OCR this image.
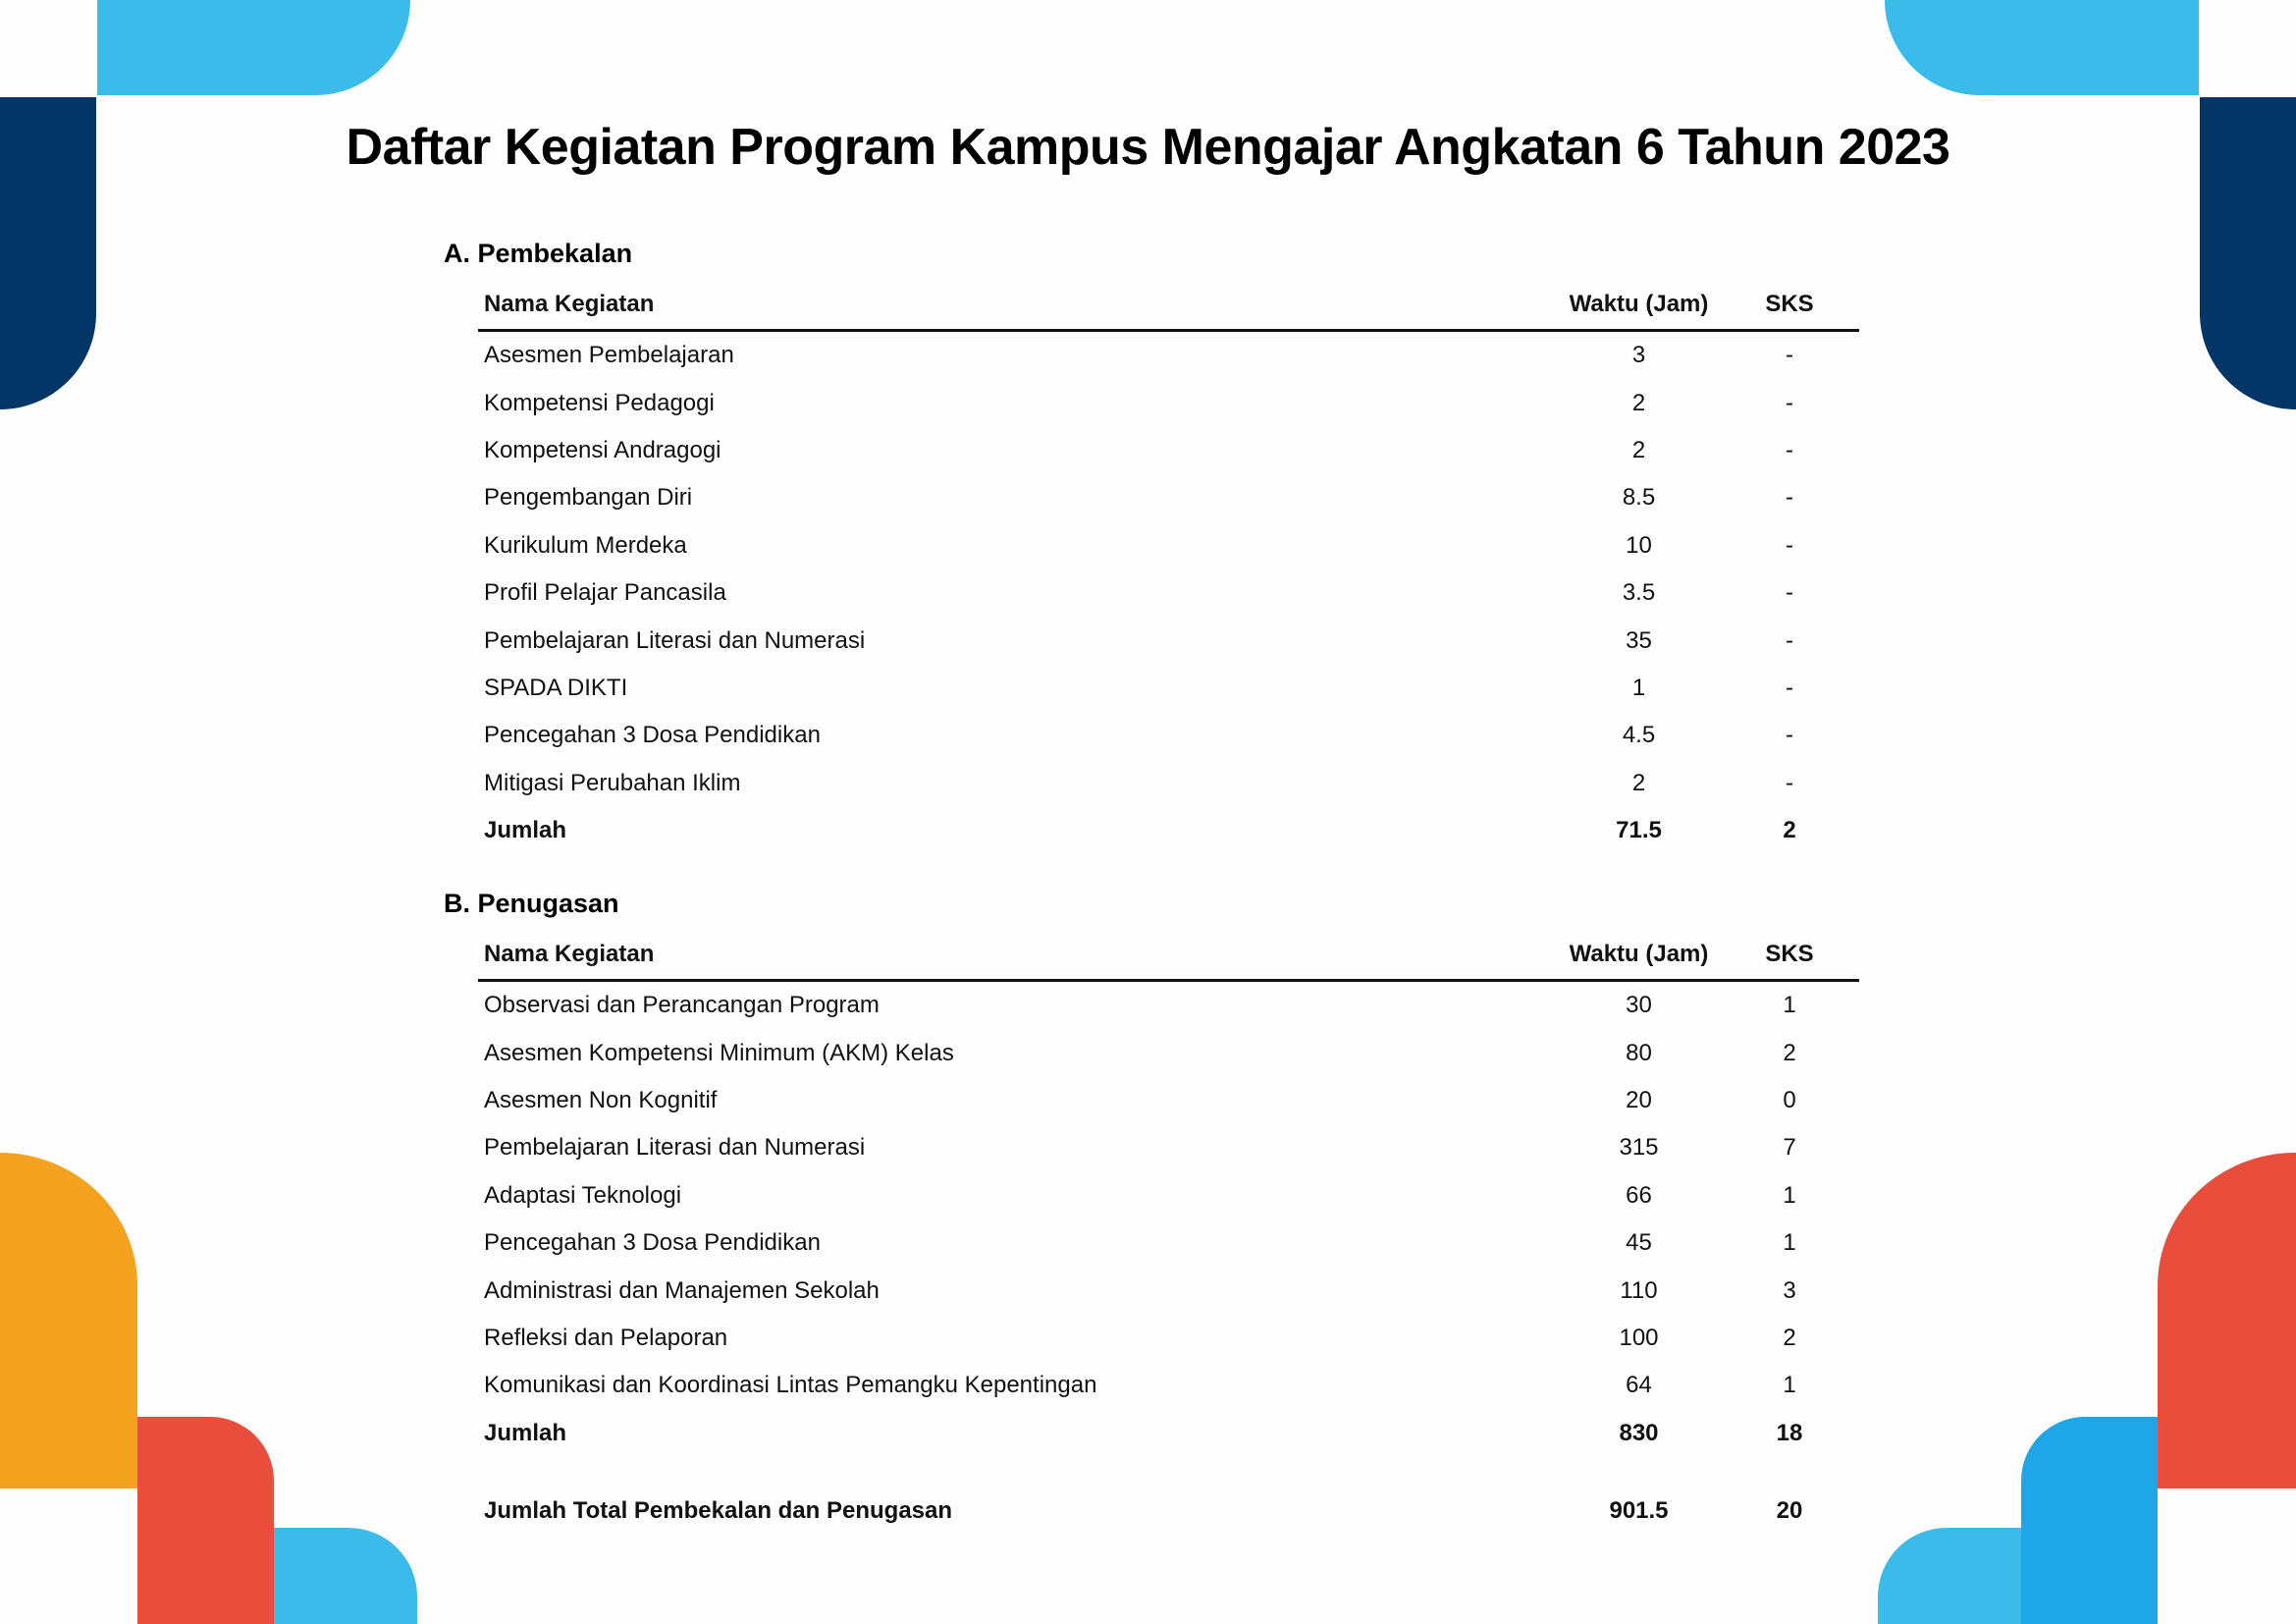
Daftar Kegiatan Program Kampus Mengajar Angkatan 6 Tahun 2023
A. Pembekalan
Nama Kegiatan	Waktu (Jam)	SKS
Asesmen Pembelajaran	3	-
Kompetensi Pedagogi	2	-
Kompetensi Andragogi	2	-
Pengembangan Diri	8.5	-
Kurikulum Merdeka	10	-
Profil Pelajar Pancasila	3.5	-
Pembelajaran Literasi dan Numerasi	35	-
SPADA DIKTI	1	-
Pencegahan 3 Dosa Pendidikan	4.5	-
Mitigasi Perubahan Iklim	2	-
Jumlah	71.5	2
B. Penugasan
Nama Kegiatan	Waktu (Jam)	SKS
Observasi dan Perancangan Program	30	1
Asesmen Kompetensi Minimum (AKM) Kelas	80	2
Asesmen Non Kognitif	20	0
Pembelajaran Literasi dan Numerasi	315	7
Adaptasi Teknologi	66	1
Pencegahan 3 Dosa Pendidikan	45	1
Administrasi dan Manajemen Sekolah	110	3
Refleksi dan Pelaporan	100	2
Komunikasi dan Koordinasi Lintas Pemangku Kepentingan	64	1
Jumlah	830	18
Jumlah Total Pembekalan dan Penugasan	901.5	20
